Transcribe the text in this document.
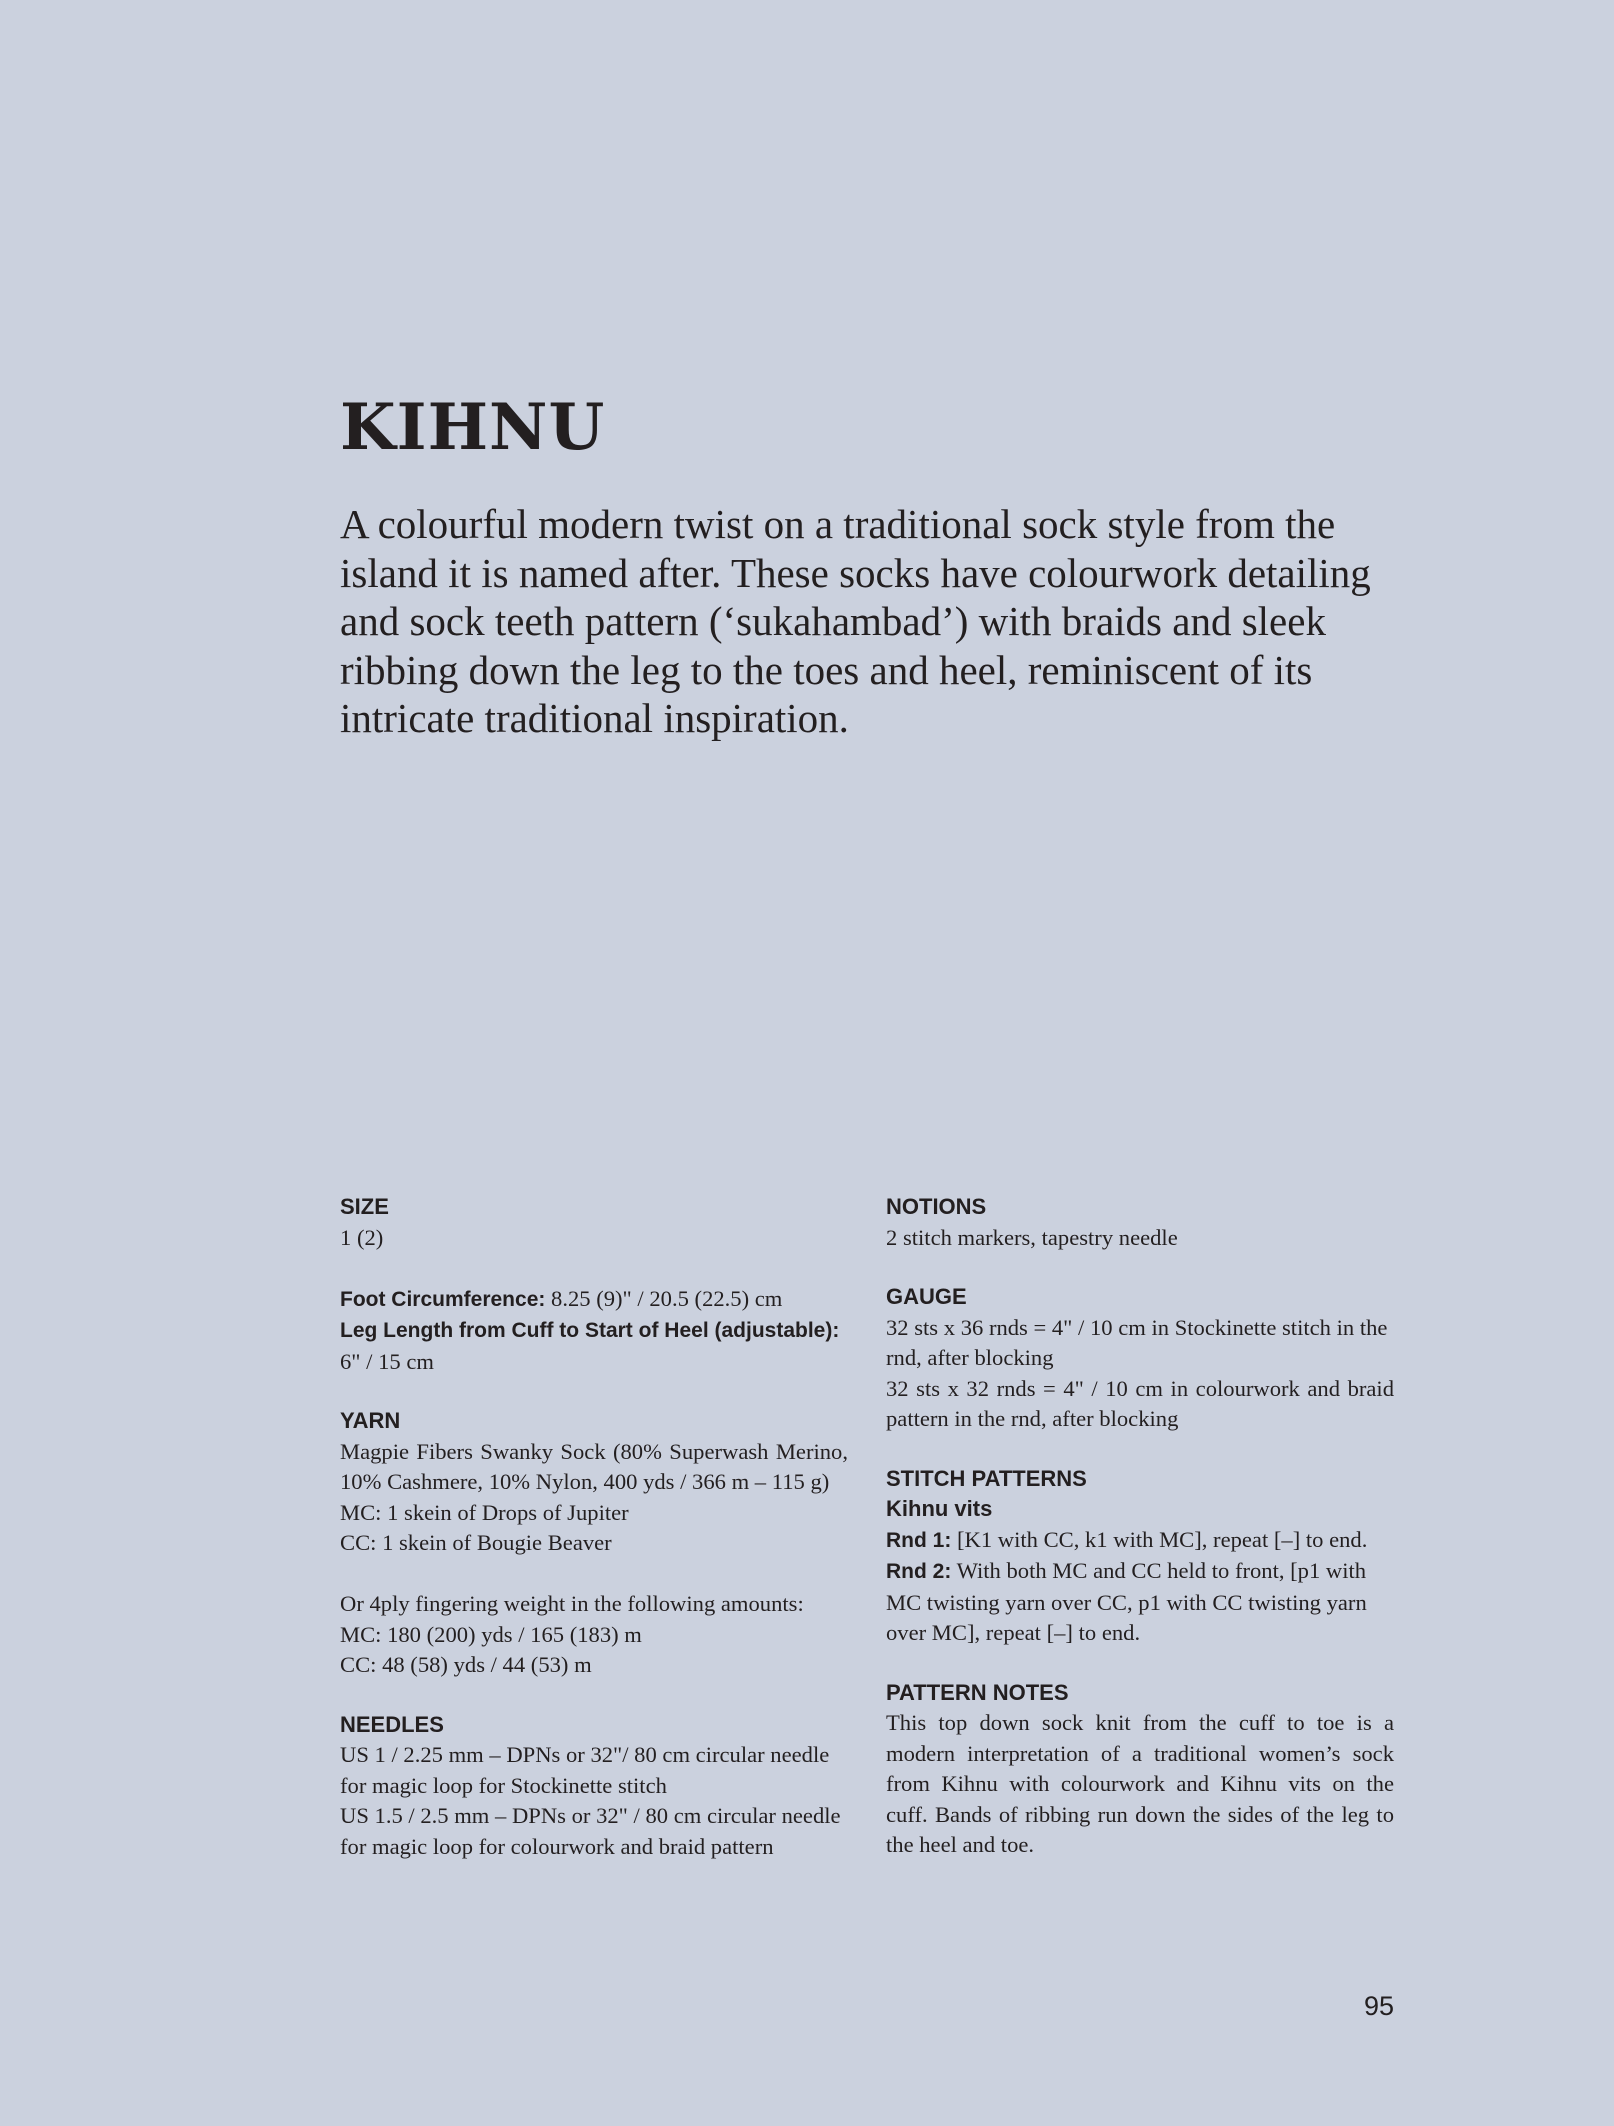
KIHNU

A colourful modern twist on a traditional sock style from the island it is named after. These socks have colourwork detailing and sock teeth pattern (‘sukahambad’) with braids and sleek ribbing down the leg to the toes and heel, reminiscent of its intricate traditional inspiration.

SIZE
1 (2)
Foot Circumference: 8.25 (9)" / 20.5 (22.5) cm
Leg Length from Cuff to Start of Heel (adjustable):
6" / 15 cm
YARN
Magpie Fibers Swanky Sock (80% Superwash Merino, 10% Cashmere, 10% Nylon, 400 yds / 366 m – 115 g)
MC: 1 skein of Drops of Jupiter
CC: 1 skein of Bougie Beaver
Or 4ply fingering weight in the following amounts:
MC: 180 (200) yds / 165 (183) m
CC: 48 (58) yds / 44 (53) m
NEEDLES
US 1 / 2.25 mm – DPNs or 32"/ 80 cm circular needle for magic loop for Stockinette stitch
US 1.5 / 2.5 mm – DPNs or 32" / 80 cm circular needle for magic loop for colourwork and braid pattern
NOTIONS
2 stitch markers, tapestry needle
GAUGE
32 sts x 36 rnds = 4" / 10 cm in Stockinette stitch in the rnd, after blocking
32 sts x 32 rnds = 4" / 10 cm in colourwork and braid pattern in the rnd, after blocking
STITCH PATTERNS
Kihnu vits
Rnd 1: [K1 with CC, k1 with MC], repeat [–] to end.
Rnd 2: With both MC and CC held to front, [p1 with MC twisting yarn over CC, p1 with CC twisting yarn over MC], repeat [–] to end.
PATTERN NOTES
This top down sock knit from the cuff to toe is a modern interpretation of a traditional women’s sock from Kihnu with colourwork and Kihnu vits on the cuff. Bands of ribbing run down the sides of the leg to the heel and toe.
95
